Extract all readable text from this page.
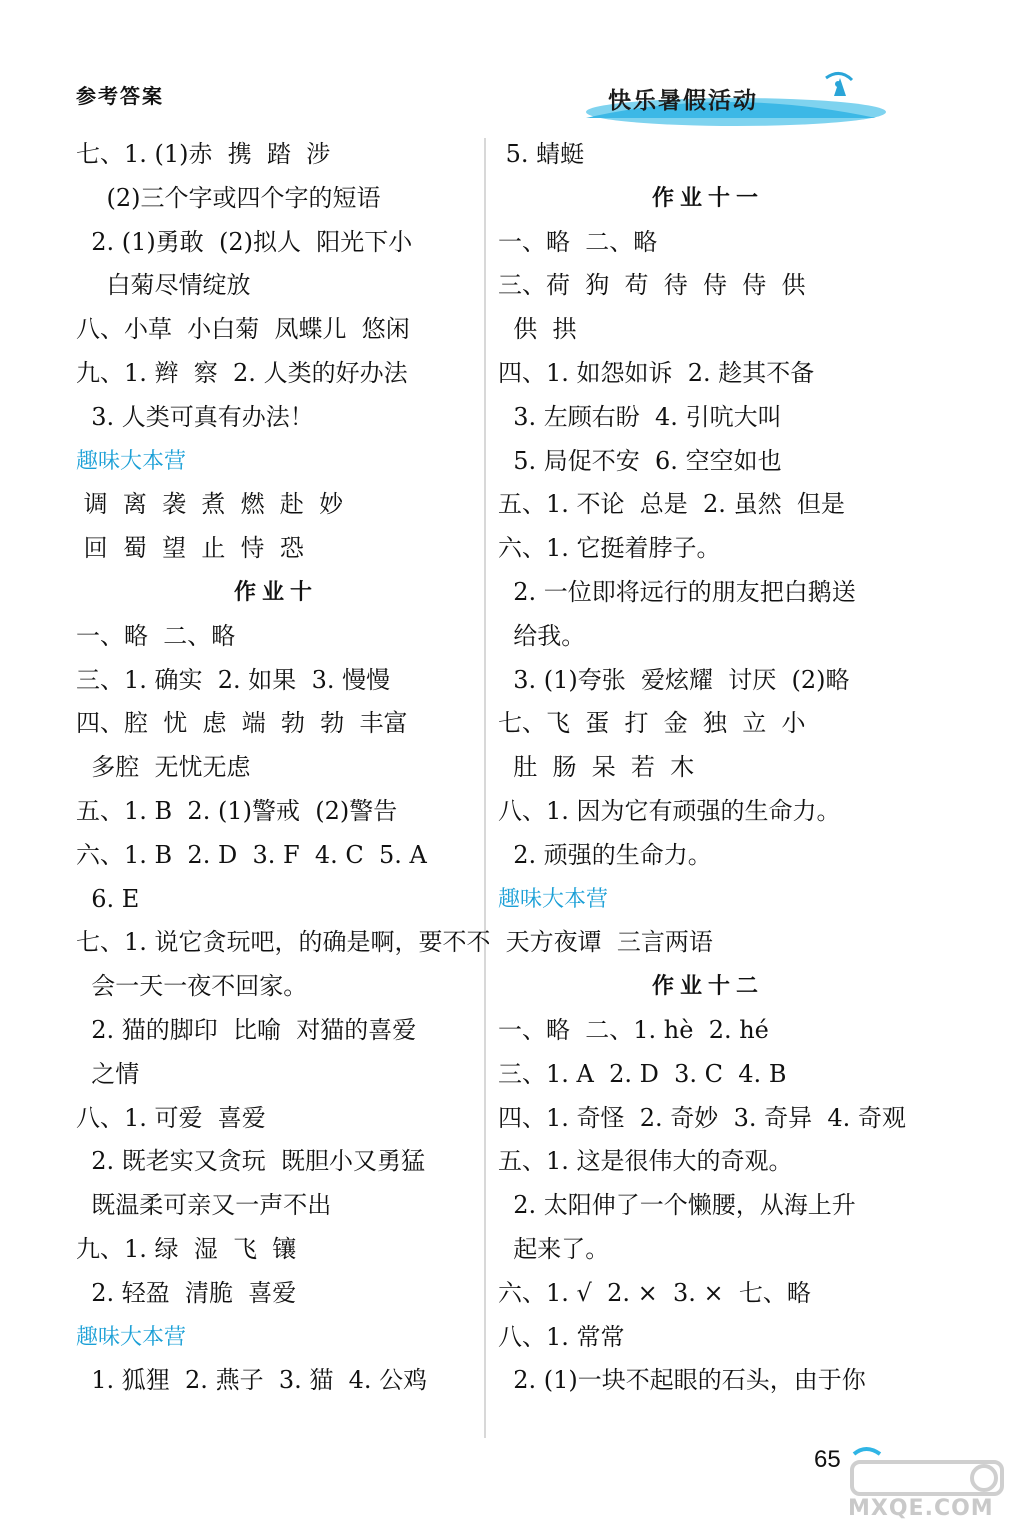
参考答案	快乐暑假活动
七、1. (1)赤  携  踏  涉
(2)三个字或四个字的短语
2. (1)勇敢  (2)拟人  阳光下小
白菊尽情绽放
八、小草  小白菊  凤蝶儿  悠闲
九、1. 辫  察  2. 人类的好办法
3. 人类可真有办法！
趣味大本营
调  离  袭  煮  燃  赴  妙
回  蜀  望  止  恃  恐
作业十
一、略  二、略
三、1. 确实  2. 如果  3. 慢慢
四、腔  忧  虑  端  勃  勃  丰富
多腔  无忧无虑
五、1. B  2. (1)警戒  (2)警告
六、1. B  2. D  3. F  4. C  5. A
6. E
七、1. 说它贪玩吧，的确是啊，要不不
会一天一夜不回家。
2. 猫的脚印  比喻  对猫的喜爱
之情
八、1. 可爱  喜爱
2. 既老实又贪玩  既胆小又勇猛
既温柔可亲又一声不出
九、1. 绿  湿  飞  镶
2. 轻盈  清脆  喜爱
趣味大本营
1. 狐狸  2. 燕子  3. 猫  4. 公鸡
5. 蜻蜓
作业十一
一、略  二、略
三、荷  狗  苟  待  侍  侍  供
供  拱
四、1. 如怨如诉  2. 趁其不备
3. 左顾右盼  4. 引吭大叫
5. 局促不安  6. 空空如也
五、1. 不论  总是  2. 虽然  但是
六、1. 它挺着脖子。
2. 一位即将远行的朋友把白鹅送
给我。
3. (1)夸张  爱炫耀  讨厌  (2)略
七、飞  蛋  打  金  独  立  小
肚  肠  呆  若  木
八、1. 因为它有顽强的生命力。
2. 顽强的生命力。
趣味大本营
天方夜谭  三言两语
作业十二
一、略  二、1. hè  2. hé
三、1. A  2. D  3. C  4. B
四、1. 奇怪  2. 奇妙  3. 奇异  4. 奇观
五、1. 这是很伟大的奇观。
2. 太阳伸了一个懒腰，从海上升
起来了。
六、1. √  2. ×  3. ×  七、略
八、1. 常常
2. (1)一块不起眼的石头，由于你
65
MXQE.COM
